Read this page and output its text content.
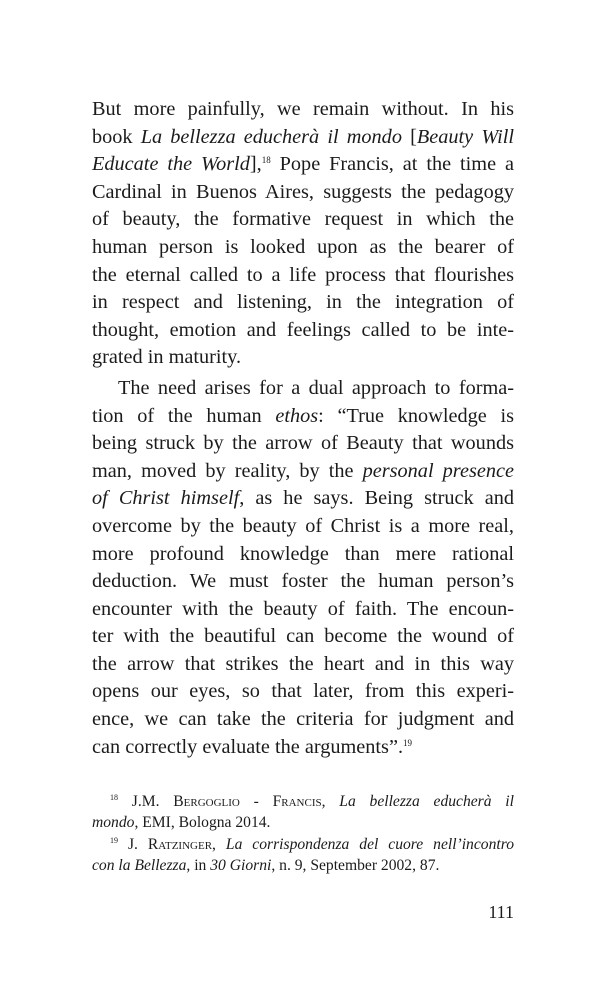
But more painfully, we remain without. In his
book La bellezza educherà il mondo [Beauty Will
Educate the World],$^{18}$ Pope Francis, at the time a
Cardinal in Buenos Aires, suggests the pedagogy
of beauty, the formative request in which the
human person is looked upon as the bearer of
the eternal called to a life process that flourishes
in respect and listening, in the integration of
thought, emotion and feelings called to be inte-
grated in maturity.
The need arises for a dual approach to forma-
tion of the human ethos: “True knowledge is
being struck by the arrow of Beauty that wounds
man, moved by reality, by the personal presence
of Christ himself, as he says. Being struck and
overcome by the beauty of Christ is a more real,
more profound knowledge than mere rational
deduction. We must foster the human person’s
encounter with the beauty of faith. The encoun-
ter with the beautiful can become the wound of
the arrow that strikes the heart and in this way
opens our eyes, so that later, from this experi-
ence, we can take the criteria for judgment and
can correctly evaluate the arguments”.$^{19}$
$^{18}$ J.M. Bergoglio - Francis, La bellezza educherà il
mondo, EMI, Bologna 2014.
$^{19}$ J. Ratzinger, La corrispondenza del cuore nell’incontro
con la Bellezza, in 30 Giorni, n. 9, September 2002, 87.
111
